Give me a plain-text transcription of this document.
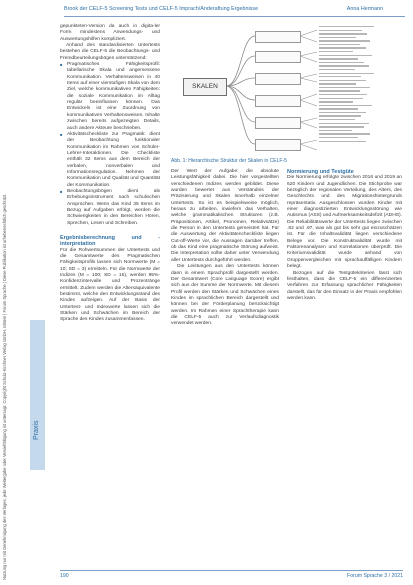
Brook der CELF-5 Screening Tests und CELF-5 Imprach/Anderaftung Ergebnisse	Anna Hermann
Nutzung nur mit Genehmigung des Verlages; jede Weitergabe oder Vervielfältigung ist untersagt. Copyright Schulz-Kirchner Verlag GmbH, Idstein | Forum Sprache | Diese Publikation ist urheberrechtlich geschützt.	Praxis

gepunkteten-Version da auch in digita-ler Form mindestens Anwendungs- und Auswertungshilfen kompliziert.

Anhand des standardisierten Untertests bestehen die CELF-5 die Beobachtungs- und Fremdbeurteilungsbögen unterstützend:

■ Pragmatisches Fähigkeitsprofil: tabellarische Skala und angemessene Kommunikation. Verhaltensweisen in 40 Items auf einer vierstufigen Skala von dem Ziel, welche kommunikativen Fähigkeiten: die soziale Kommunikation im Alltag regulär beeinflussen können. Das Entwickeln ist eine Zuordnung von kommunikativen Verhaltensweisen. Inhalte zwischen bereits aufgezeigten Details, auch andere Akteure beschrieben.
■ Aktivitätscheckliste zur Pragmatik: dient der Beobachtung funktionaler Kommunikation im Rahmen von Schüler-Lehrer-Interaktionen. Die Checkliste enthält 32 Items aus dem Bereich der verbalen, nonverbalen und Informationsregulation. Nehmen der Kommunikation und Qualität und Quantität der Kommunikation.
■ Beobachtungsbögen dient als Erhebungsinstrument nach schulischen Ansprüchen. Wenn das Kind 35 Items im Bezug auf Aufgaben erfolgt, werden die Schwierigkeiten in den Bereichen Hören, Sprechen, Lesen und Schreiben.

Ergebnisberechnung und -interpretation

Für die Rohwertsummen der Untertests und die Gesamtwerte des Pragmatischen Fähigkeitsprofils lassen sich Normwerte (M = 10; SD = 3) ermitteln. Für die Normwerte der Indizes (M = 100; SD = 15), werden 95%-Konfidenzintervalle und Prozentränge ermittelt. Zudem werden die Altersäquivalente bestimmt, welche den Entwicklungsstand des Kindes aufzeigen. Auf der Basis der Untertest- und Indexwerte lassen sich die Stärken und Schwächen im Bereich der Sprache des Kindes zusammenfassen.

SKALEN
Abb. 1: Hierarchische Struktur der Skalen in CELF-5

Der Wert der Aufgabe: die absolute Leistungsfähigkeit dabei. Die hier vorgestellten verschiedenen Indizes werden gebildet. Diese wurden bewertet aus Verständnis der Präzisierung und Skalen innerhalb einzelner Untertests. So ist es beispielsweise möglich, heraus zu arbeiten, inwiefern das Verhalten, welche grammatikalischen Strukturen (z.B. Präpositionen, Artikel, Pronomen, Relativsätze) die Person in den Untertests gemeistert hat. Für die Auswertung der Aktivitätencheckliste liegen Cut-off-Werte vor, die Aussagen darüber treffen, ob das Kind eine pragmatische Störung aufweist. Die Interpretation sollte daher unter Verwendung aller Untertests durchgeführt werden.

Die Leistungen aus den Untertests können dann in einem Sprachprofil dargestellt werden. Der Gesamtwert (Core Language Score) ergibt sich aus der Summe der Normwerte. Mit diesem Profil werden den Stärken und Schwächen eines Kindes im sprachlichen Bereich dargestellt und können bei der Förderplanung berücksichtigt werden. Im Rahmen einer Sprachtherapie kann die CELF-5 auch zur Verlaufsdiagnostik verwendet werden.

Normierung und Testgüte

Die Normierung erfolgte zwischen 2016 und 2019 an 620 Kindern und Jugendlichen. Die Stichprobe war bezüglich der regionalen Verteilung, des Alters, des Geschlechts und des Migrationshintergrunds repräsentativ. Ausgeschlossen wurden Kinder mit einer diagnostizierten Entwicklungsstörung wie Autismus (ASS) und Aufmerksamkeitsdefizit (ADHS). Die Reliabilitätswerte der Untertests liegen zwischen .82 und .97, was als gut bis sehr gut einzuschätzen ist. Für die Inhaltsvalidität liegen verschiedene Belege vor. Die Konstruktvalidität wurde mit Faktorenanalysen und Korrelationen überprüft. Die Kriteriumsvalidität wurde anhand von Gruppenvergleichen mit sprachauffälligen Kindern belegt.

Bezogen auf die Testgütekriterien lässt sich festhalten, dass die CELF-5 ein differenziertes Verfahren zur Erfassung sprachlicher Fähigkeiten darstellt, das für den Einsatz in der Praxis empfohlen werden kann.

190	Forum Sprache 3 / 2021
